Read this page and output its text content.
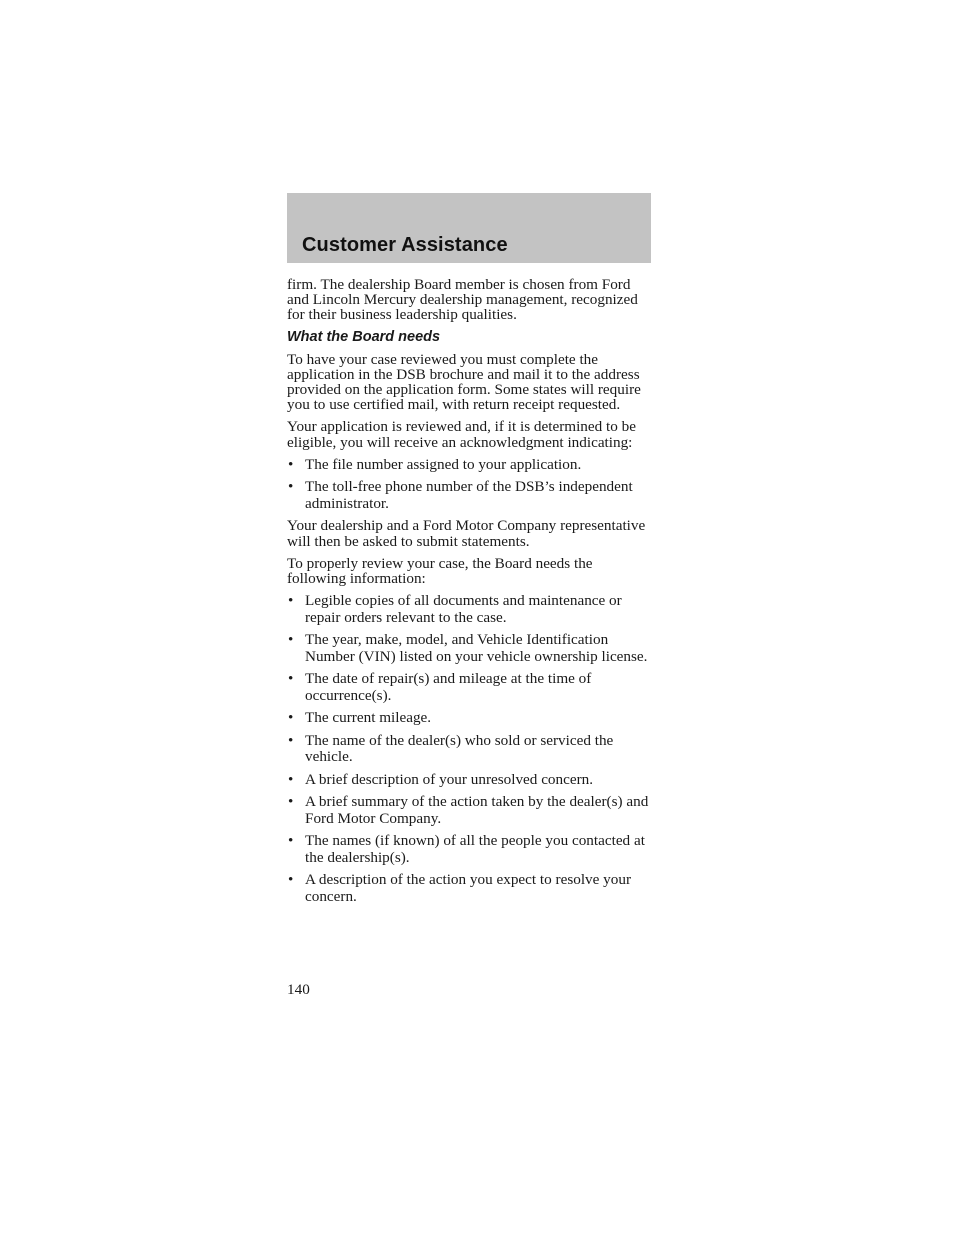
Customer Assistance

firm. The dealership Board member is chosen from Ford and Lincoln Mercury dealership management, recognized for their business leadership qualities.

What the Board needs

To have your case reviewed you must complete the application in the DSB brochure and mail it to the address provided on the application form. Some states will require you to use certified mail, with return receipt requested.

Your application is reviewed and, if it is determined to be eligible, you will receive an acknowledgment indicating:

• The file number assigned to your application.
• The toll-free phone number of the DSB’s independent administrator.

Your dealership and a Ford Motor Company representative will then be asked to submit statements.

To properly review your case, the Board needs the following information:

• Legible copies of all documents and maintenance or repair orders relevant to the case.
• The year, make, model, and Vehicle Identification Number (VIN) listed on your vehicle ownership license.
• The date of repair(s) and mileage at the time of occurrence(s).
• The current mileage.
• The name of the dealer(s) who sold or serviced the vehicle.
• A brief description of your unresolved concern.
• A brief summary of the action taken by the dealer(s) and Ford Motor Company.
• The names (if known) of all the people you contacted at the dealership(s).
• A description of the action you expect to resolve your concern.
140
